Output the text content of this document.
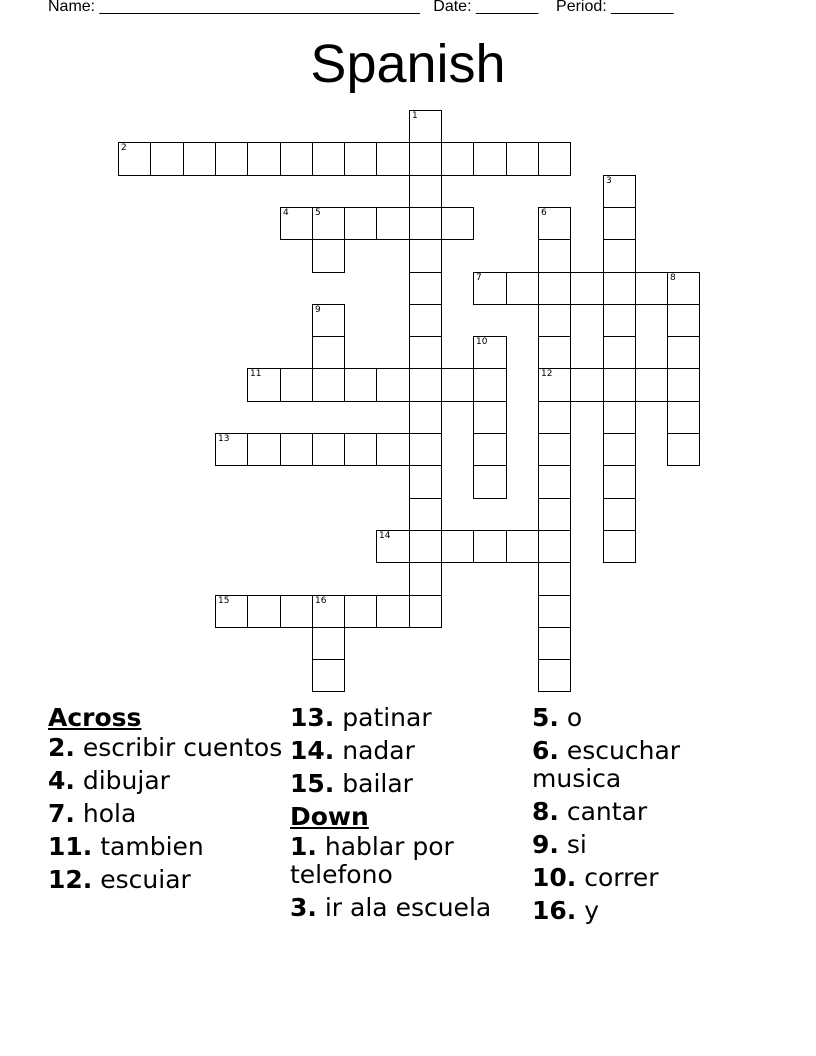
Name: ____________________________________ Date: _______ Period: _______
Spanish
2
4	5
7	8
11	12
13
14
15	16
1
3
6
9
10
Across
2. escribir cuentos
4. dibujar
7. hola
11. tambien
12. escuiar
13. patinar
14. nadar
15. bailar
Down
1. hablar por telefono
3. ir ala escuela
5. o
6. escuchar musica
8. cantar
9. si
10. correr
16. y
